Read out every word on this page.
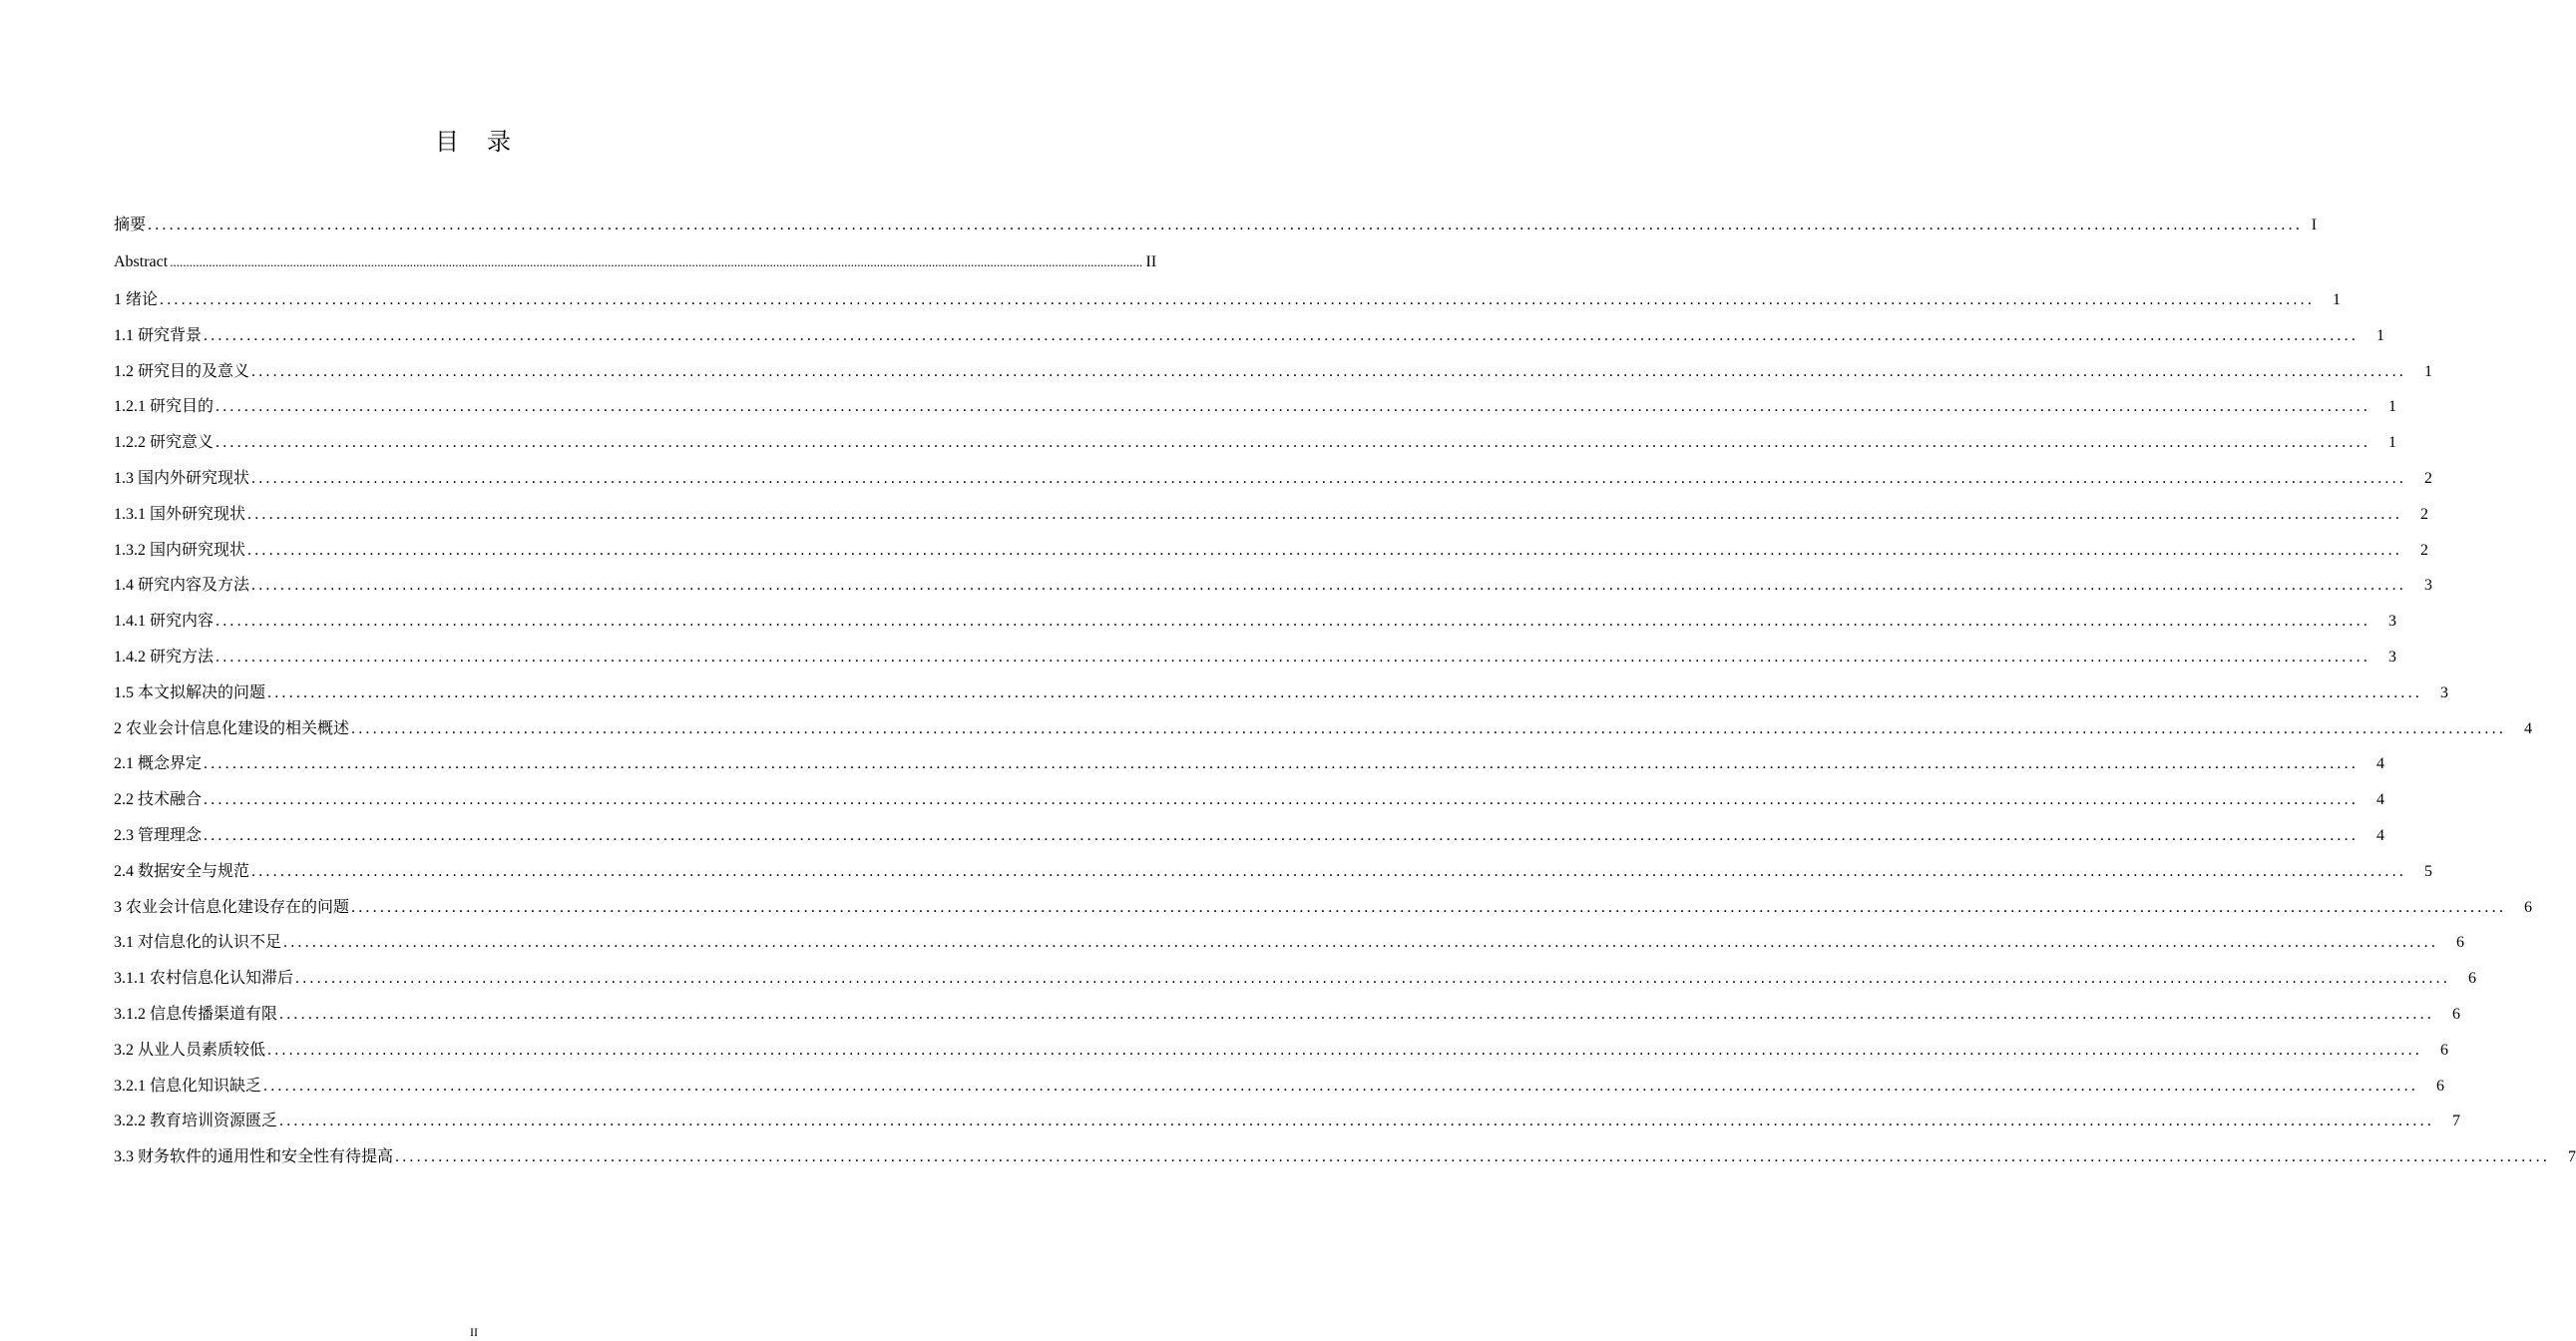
目　录
摘要 ............................................................................................................................................................................................................................................................................................................ I
Abstract ............................................................................................................................................................................................................................................................................................................ II
1 绪论 ............................................................................................................................................................................................................................................................................................................	1
1.1 研究背景 ............................................................................................................................................................................................................................................................................................................	1
1.2 研究目的及意义 ............................................................................................................................................................................................................................................................................................................	1
1.2.1 研究目的 ............................................................................................................................................................................................................................................................................................................	1
1.2.2 研究意义 ............................................................................................................................................................................................................................................................................................................	1
1.3 国内外研究现状 ............................................................................................................................................................................................................................................................................................................	2
1.3.1 国外研究现状 ............................................................................................................................................................................................................................................................................................................	2
1.3.2 国内研究现状 ............................................................................................................................................................................................................................................................................................................	2
1.4 研究内容及方法 ............................................................................................................................................................................................................................................................................................................	3
1.4.1 研究内容 ............................................................................................................................................................................................................................................................................................................	3
1.4.2 研究方法 ............................................................................................................................................................................................................................................................................................................	3
1.5 本文拟解决的问题 ............................................................................................................................................................................................................................................................................................................	3
2 农业会计信息化建设的相关概述 ............................................................................................................................................................................................................................................................................................................	4
2.1 概念界定 ............................................................................................................................................................................................................................................................................................................	4
2.2 技术融合 ............................................................................................................................................................................................................................................................................................................	4
2.3 管理理念 ............................................................................................................................................................................................................................................................................................................	4
2.4 数据安全与规范 ............................................................................................................................................................................................................................................................................................................	5
3 农业会计信息化建设存在的问题 ............................................................................................................................................................................................................................................................................................................	6
3.1 对信息化的认识不足 ............................................................................................................................................................................................................................................................................................................	6
3.1.1 农村信息化认知滞后 ............................................................................................................................................................................................................................................................................................................	6
3.1.2 信息传播渠道有限 ............................................................................................................................................................................................................................................................................................................	6
3.2 从业人员素质较低 ............................................................................................................................................................................................................................................................................................................	6
3.2.1 信息化知识缺乏 ............................................................................................................................................................................................................................................................................................................	6
3.2.2 教育培训资源匮乏 ............................................................................................................................................................................................................................................................................................................	7
3.3 财务软件的通用性和安全性有待提高 ............................................................................................................................................................................................................................................................................................................	7
II
